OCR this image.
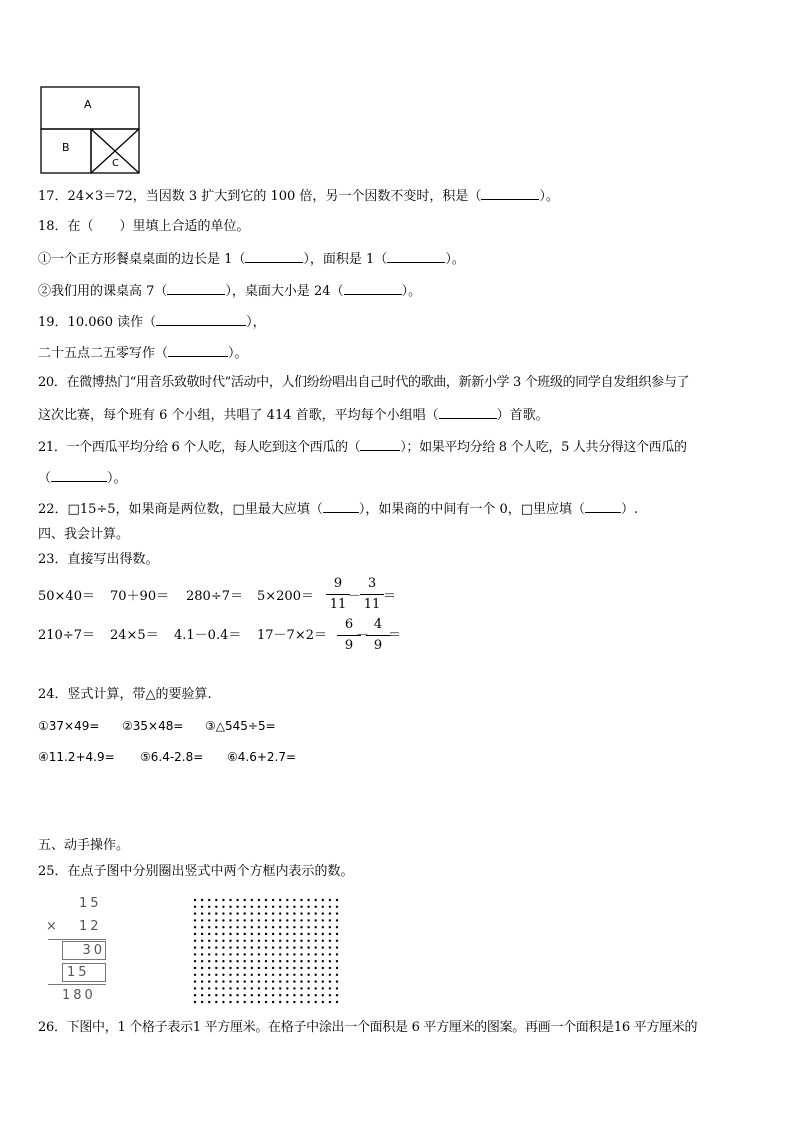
A
B
C
17．24×3＝72，当因数 3 扩大到它的 100 倍，另一个因数不变时，积是（	）。
18．在（　　）里填上合适的单位。
①一个正方形餐桌桌面的边长是 1（	），面积是 1（	）。
②我们用的课桌高 7（	），桌面大小是 24（	）。
19．10.060 读作（	），
二十五点二五零写作（	）。
20．在微博热门“用音乐致敬时代”活动中，人们纷纷唱出自己时代的歌曲，新新小学 3 个班级的同学自发组织参与了
这次比赛，每个班有 6 个小组，共唱了 414 首歌，平均每个小组唱（	）首歌。
21．一个西瓜平均分给 6 个人吃，每人吃到这个西瓜的（	）；如果平均分给 8 个人吃，5 人共分得这个西瓜的
（	）。
22．□15÷5，如果商是两位数，□里最大应填（	），如果商的中间有一个 0，□里应填（	）.
四、我会计算。
23．直接写出得数。
50×40＝ 70＋90＝ 280÷7＝ 5×200＝
9
11
－
3
11
＝
210÷7＝ 24×5＝ 4.1－0.4＝ 17－7×2＝
6
9
－
4
9
＝
24．竖式计算，带△的要验算.
①37×49= ②35×48= ③△545÷5=
④11.2+4.9= ⑤6.4-2.8= ⑥4.6+2.7=
五、动手操作。
25．在点子图中分别圈出竖式中两个方框内表示的数。
15
× 12
30
15
180
26．下图中，1 个格子表示1 平方厘米。在格子中涂出一个面积是 6 平方厘米的图案。再画一个面积是16 平方厘米的
